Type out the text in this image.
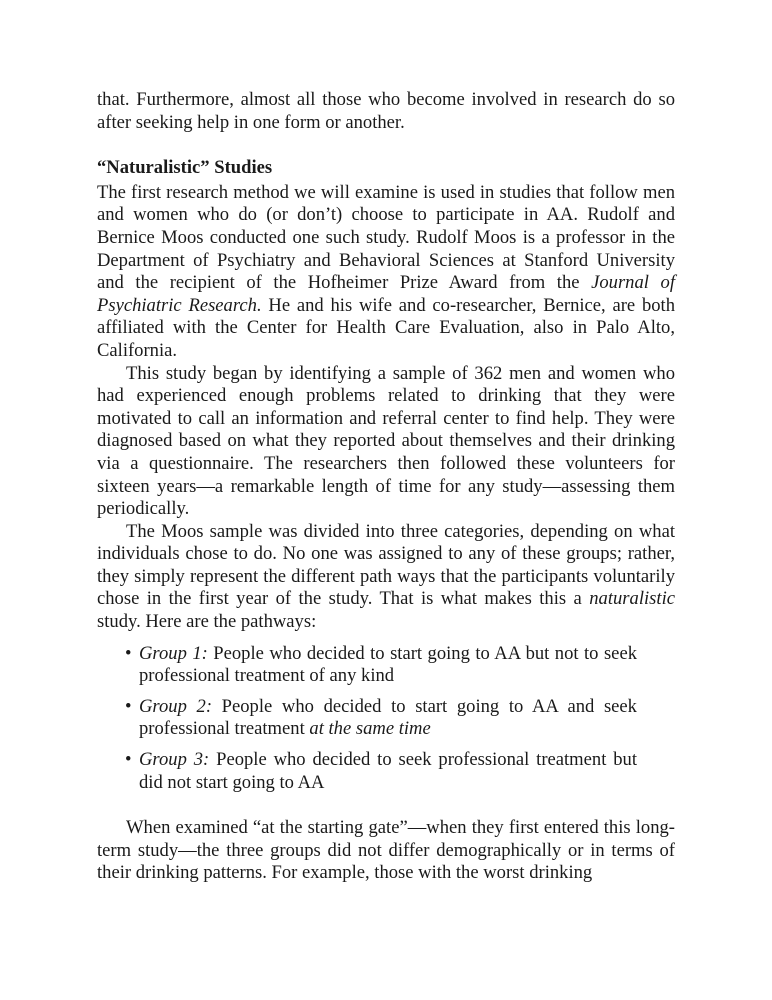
that. Furthermore, almost all those who become involved in research do so after seeking help in one form or another.

“Naturalistic” Studies

The first research method we will examine is used in studies that follow men and women who do (or don’t) choose to participate in AA. Rudolf and Bernice Moos conducted one such study. Rudolf Moos is a professor in the Department of Psychiatry and Behavioral Sciences at Stanford University and the recipient of the Hofheimer Prize Award from the Journal of Psychiatric Research. He and his wife and co-researcher, Bernice, are both affiliated with the Center for Health Care Evaluation, also in Palo Alto, California.

This study began by identifying a sample of 362 men and women who had experienced enough problems related to drinking that they were motivated to call an information and referral center to find help. They were diagnosed based on what they reported about themselves and their drinking via a questionnaire. The researchers then followed these volunteers for sixteen years—a remarkable length of time for any study—assessing them periodically.

The Moos sample was divided into three categories, depending on what individuals chose to do. No one was assigned to any of these groups; rather, they simply represent the different path ways that the participants voluntarily chose in the first year of the study. That is what makes this a naturalistic study. Here are the pathways:

• Group 1: People who decided to start going to AA but not to seek professional treatment of any kind
• Group 2: People who decided to start going to AA and seek professional treatment at the same time
• Group 3: People who decided to seek professional treatment but did not start going to AA

When examined “at the starting gate”—when they first entered this long-term study—the three groups did not differ demographically or in terms of their drinking patterns. For example, those with the worst drinking
